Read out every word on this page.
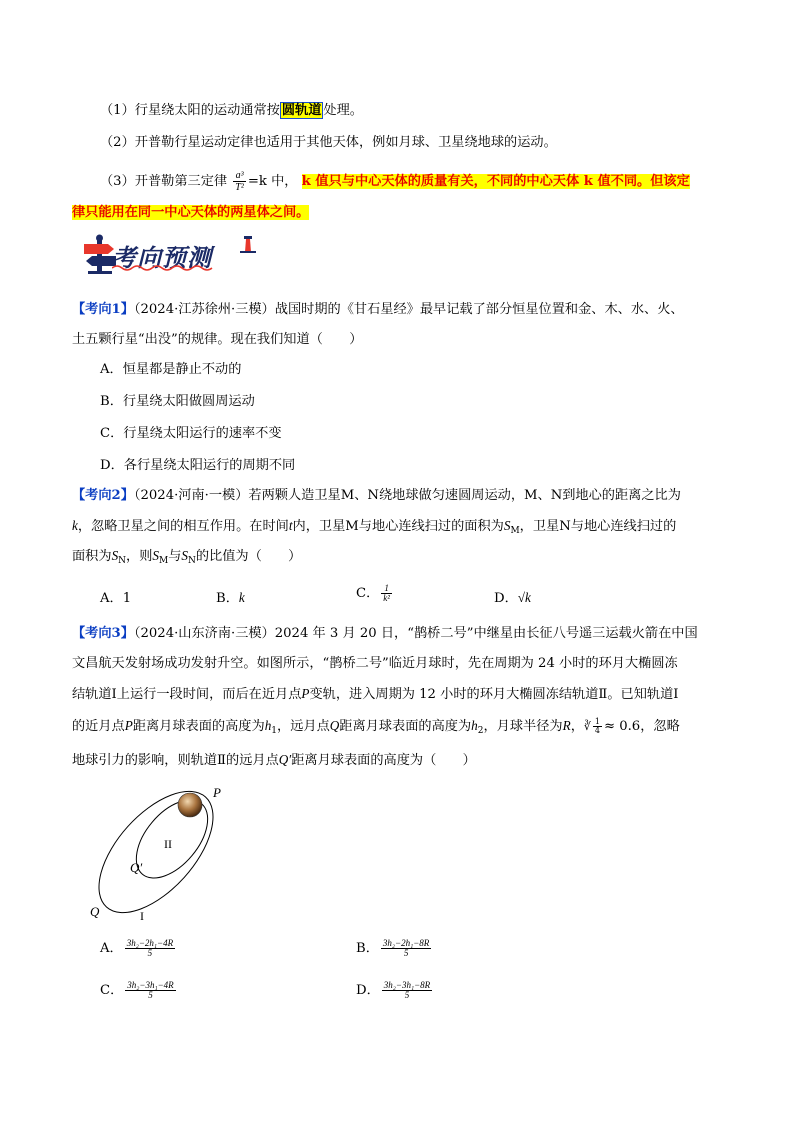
（1）行星绕太阳的运动通常按 圆轨道 处理。
（2）开普勒行星运动定律也适用于其他天体，例如月球、卫星绕地球的运动。
（3）开普勒第三定律 $\frac{\text{a³}}{\text{T²}} =k$ 中， k 值只与中心天体的质量有关，不同的中心天体 k 值不同。但该定
律只能用在同一中心天体的两星体之间。
考向预测
【考向1】（2024·江苏徐州·三模）战国时期的《甘石星经》最早记载了部分恒星位置和金、木、水、火、
土五颗行星“出没”的规律。现在我们知道（　　）
A．恒星都是静止不动的
B．行星绕太阳做圆周运动
C．行星绕太阳运行的速率不变
D．各行星绕太阳运行的周期不同
【考向2】（2024·河南·一模）若两颗人造卫星M、N绕地球做匀速圆周运动，M、N到地心的距离之比为
k，忽略卫星之间的相互作用。在时间t内，卫星M与地心连线扫过的面积为$S_M$，卫星N与地心连线扫过的
面积为$S_N$，则$S_M$与$S_N$的比值为（　　）
A．1	B．k	C． $\frac{1}{\text{k²}}$	D．√k
【考向3】（2024·山东济南·三模）2024 年 3 月 20 日，“鹊桥二号”中继星由长征八号遥三运载火箭在中国
文昌航天发射场成功发射升空。如图所示，“鹊桥二号”临近月球时，先在周期为 24 小时的环月大椭圆冻
结轨道Ⅰ上运行一段时间，而后在近月点P变轨，进入周期为 12 小时的环月大椭圆冻结轨道Ⅱ。已知轨道Ⅰ
的近月点P距离月球表面的高度为$h_1$，远月点Q距离月球表面的高度为$h_2$，月球半径为R，∛ $\frac{1}{4} \approx 0.6$，忽略
地球引力的影响，则轨道Ⅱ的远月点Q′距离月球表面的高度为（　　）
P
II
Q′
Q	I
A． $\frac{\text{3h₂−2h₁−4R}}{5}$	B． $\frac{\text{3h₂−2h₁−8R}}{5}$
C． $\frac{\text{3h₂−3h₁−4R}}{5}$	D． $\frac{\text{3h₂−3h₁−8R}}{5}$
